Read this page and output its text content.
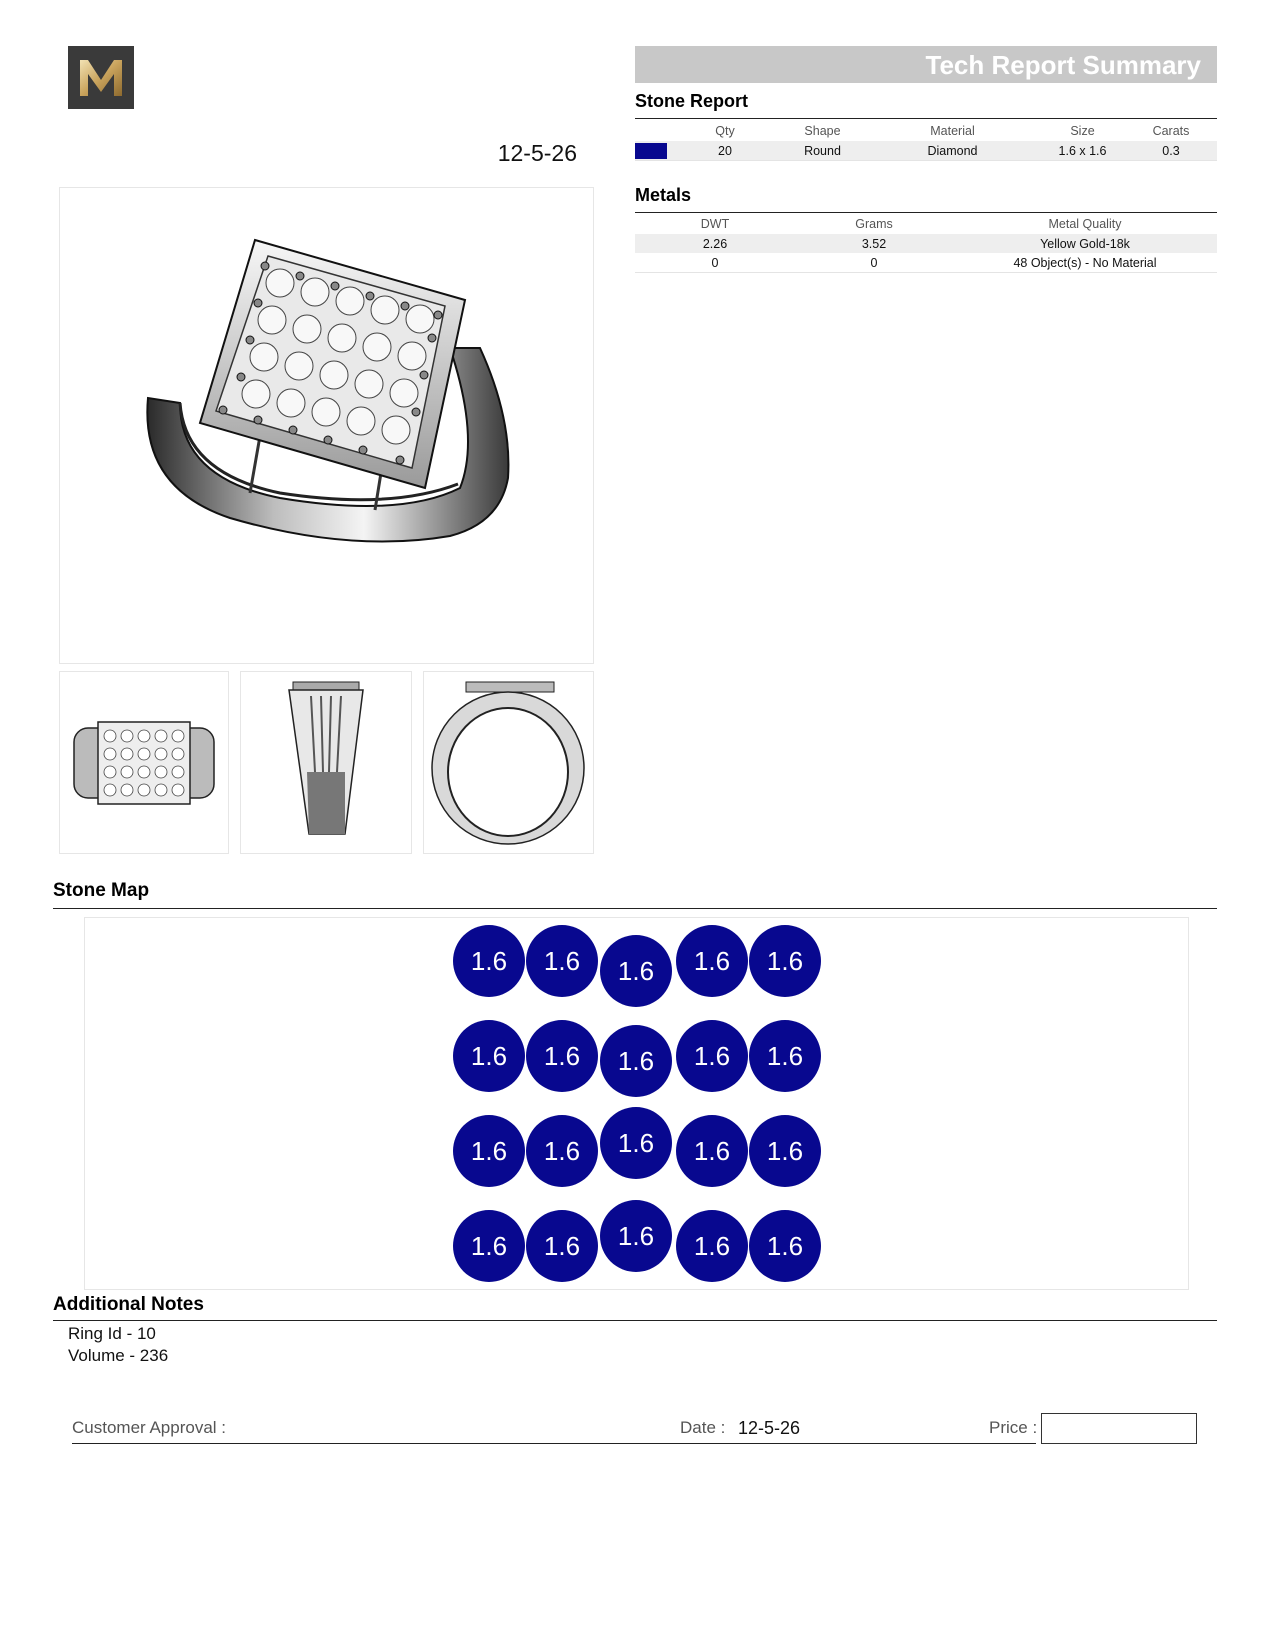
12-5-26
Tech Report Summary
Stone Report
	Qty	Shape	Material	Size	Carats
	20	Round	Diamond	1.6 x 1.6	0.3
Metals
DWT	Grams	Metal Quality
2.26	3.52	Yellow Gold-18k
0	0	48 Object(s) - No Material
Stone Map
1.6 1.6 1.6 1.6 1.6
1.6 1.6 1.6 1.6 1.6
1.6 1.6 1.6 1.6 1.6
1.6 1.6 1.6 1.6 1.6
Additional Notes
Ring Id - 10
Volume - 236
Customer Approval :	Date : 12-5-26	Price :
